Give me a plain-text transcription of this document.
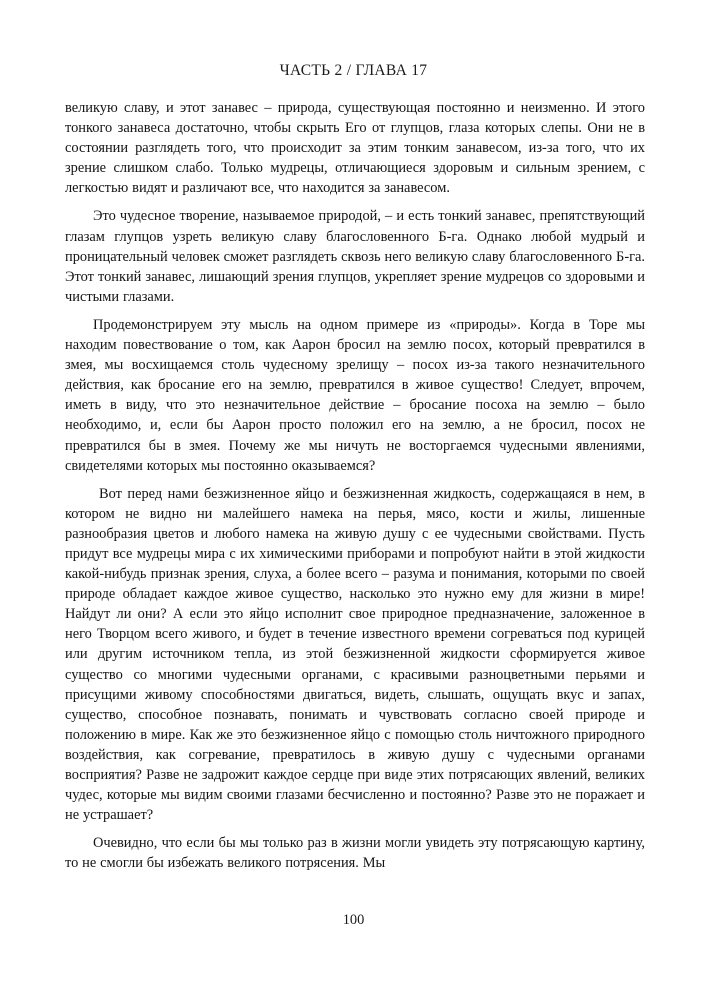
ЧАСТЬ 2 / ГЛАВА 17

великую славу, и этот занавес – природа, существующая постоянно и неизменно. И этого тонкого занавеса достаточно, чтобы скрыть Его от глупцов, глаза которых слепы. Они не в состоянии разглядеть того, что происходит за этим тонким занавесом, из-за того, что их зрение слишком слабо. Только мудрецы, отличающиеся здоровым и сильным зрением, с легкостью видят и различают все, что находится за занавесом.

Это чудесное творение, называемое природой, – и есть тонкий занавес, препятствующий глазам глупцов узреть великую славу благословенного Б-га. Однако любой мудрый и проницательный человек сможет разглядеть сквозь него великую славу благословенного Б-га. Этот тонкий занавес, лишающий зрения глупцов, укрепляет зрение мудрецов со здоровыми и чистыми глазами.

Продемонстрируем эту мысль на одном примере из «природы». Когда в Торе мы находим повествование о том, как Аарон бросил на землю посох, который превратился в змея, мы восхищаемся столь чудесному зрелищу – посох из-за такого незначительного действия, как бросание его на землю, превратился в живое существо! Следует, впрочем, иметь в виду, что это незначительное действие – бросание посоха на землю – было необходимо, и, если бы Аарон просто положил его на землю, а не бросил, посох не превратился бы в змея. Почему же мы ничуть не восторгаемся чудесными явлениями, свидетелями которых мы постоянно оказываемся?

Вот перед нами безжизненное яйцо и безжизненная жидкость, содержащаяся в нем, в котором не видно ни малейшего намека на перья, мясо, кости и жилы, лишенные разнообразия цветов и любого намека на живую душу с ее чудесными свойствами. Пусть придут все мудрецы мира с их химическими приборами и попробуют найти в этой жидкости какой-нибудь признак зрения, слуха, а более всего – разума и понимания, которыми по своей природе обладает каждое живое существо, насколько это нужно ему для жизни в мире! Найдут ли они? А если это яйцо исполнит свое природное предназначение, заложенное в него Творцом всего живого, и будет в течение известного времени согреваться под курицей или другим источником тепла, из этой безжизненной жидкости сформируется живое существо со многими чудесными органами, с красивыми разноцветными перьями и присущими живому способностями двигаться, видеть, слышать, ощущать вкус и запах, существо, способное познавать, понимать и чувствовать согласно своей природе и положению в мире. Как же это безжизненное яйцо с помощью столь ничтожного природного воздействия, как согревание, превратилось в живую душу с чудесными органами восприятия? Разве не задрожит каждое сердце при виде этих потрясающих явлений, великих чудес, которые мы видим своими глазами бесчисленно и постоянно? Разве это не поражает и не устрашает?

Очевидно, что если бы мы только раз в жизни могли увидеть эту потрясающую картину, то не смогли бы избежать великого потрясения. Мы

100
